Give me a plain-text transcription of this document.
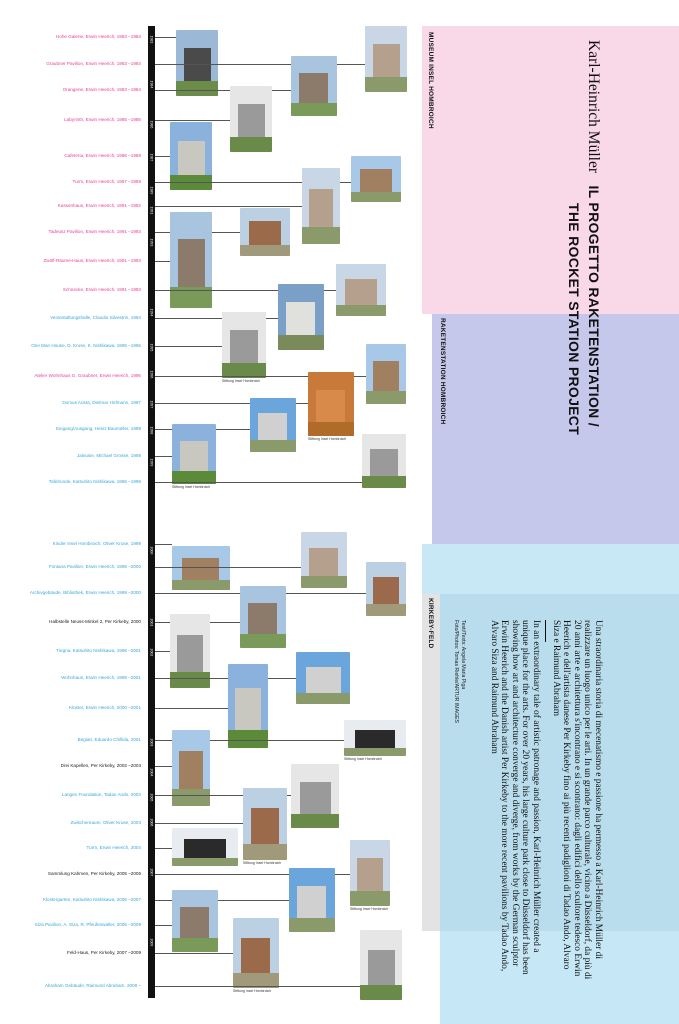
MUSEUM INSEL HOMBROICH
RAKETENSTATION HOMBROICH
KIRKEBY-FELD
Karl-Heinrich Müller IL PROGETTO RAKETENSTATION /
THE ROCKET STATION PROJECT
Una straordinaria storia di mecenatismo e passione ha permesso a Karl-Heinrich Müller di realizzare un luogo unico per le arti. In un grande parco culturale, vicino a Düsseldorf, da più di 20 anni arte e architettura s'incontrano e si scontrano: dagli edifici dello scultore tedesco Erwin Heerich e dell'artista danese Per Kirkeby fino ai più recenti padiglioni di Tadao Ando, Alvaro Siza e Raimund Abraham
In an extraordinary tale of artistic patronage and passion, Karl-Heinrich Müller created a unique place for the arts. For over 20 years, his large culture park close to Düsseldorf has been showing how art and architecture converge and diverge, from works by the German sculptor Erwin Heerich and the Danish artist Per Kirkeby to the more recent pavilions by Tadao Ando, Alvaro Siza and Raimund Abraham
Testi/Texts: Angela Maria Piga
Foto/Photos: Tomas Riehle/ARTUR IMAGES
1983
1984
1986
1987
1989
1991
1993
1994
1995
1996
1997
1998
1999
2000
2001
2002
2003
2004
2005
2006
2007
2009
Hohe Galerie, Erwin Heerich, 1983 –1984
Graubner Pavilion, Erwin Heerich, 1983 –1984
Orangerie, Erwin Heerich, 1983 –1984
Labyrinth, Erwin Heerich, 1985 –1986
Cafeteria, Erwin Heerich, 1986 –1988
Turm, Erwin Heerich, 1987 –1989
Kassenhaus, Erwin Heerich, 1991 –1992
Tadeusz Pavilion, Erwin Heerich, 1991 –1993
Zwölf-Räume-Haus, Erwin Heerich, 1991 –1993
Schnecke, Erwin Heerich, 1991 –1993
Veranstaltungshalle, Claudio Silvestrin, 1994
One Man House, D. Kruse, K. Nishikawa, 1995 –1996
Atelier Wohnhaus G. Graubner, Erwin Heerich, 1996
Domus Aosta, Dietmar Hofmann, 1997
Eingang/Ausgang, Heinz Baumüller, 1998
Jalousie, Michael Grosse, 1998
Tafelrunde, Katsuhito Nishikawa, 1996 –1999
Kinder Insel Hombroich, Oliver Kruse, 1999
Fontana Pavilion, Erwin Heerich, 1996 –2000
Archivgebäude, Bibliothek, Erwin Heerich, 1999 –2000
Halbstelle Neuss-Minkel 2, Per Kirkeby, 2000
Tiegna, Katsuhito Nishikawa, 1996 –2001
Wohnhaus, Erwin Heerich, 1999 –2001
Kloster, Erwin Heerich, 2000 –2001
Begiari, Eduardo Chillida, 2001
Drei Kapellen, Per Kirkeby, 2002 –2003
Langen Foundation, Tadao Ando, 2004
Zwischenraum, Oliver Kruse, 2004
Turm, Erwin Heerich, 2004
Sammlung Kahmen, Per Kirkeby, 2005 –2006
Klostergarten, Katsuhito Nishikawa, 2006 –2007
Siza Pavilion, A. Siza, R. Pfeufenwalter, 2006 –2009
Feld-Haus, Per Kirkeby, 2007 –2009
Abraham Gebäude, Raimund Abraham, 2008 –
Stiftung Insel Hombroich
Stiftung Insel Hombroich
Stiftung Insel Hombroich
Stiftung Insel Hombroich
Stiftung Insel Hombroich
Stiftung Insel Hombroich
Stiftung Insel Hombroich
